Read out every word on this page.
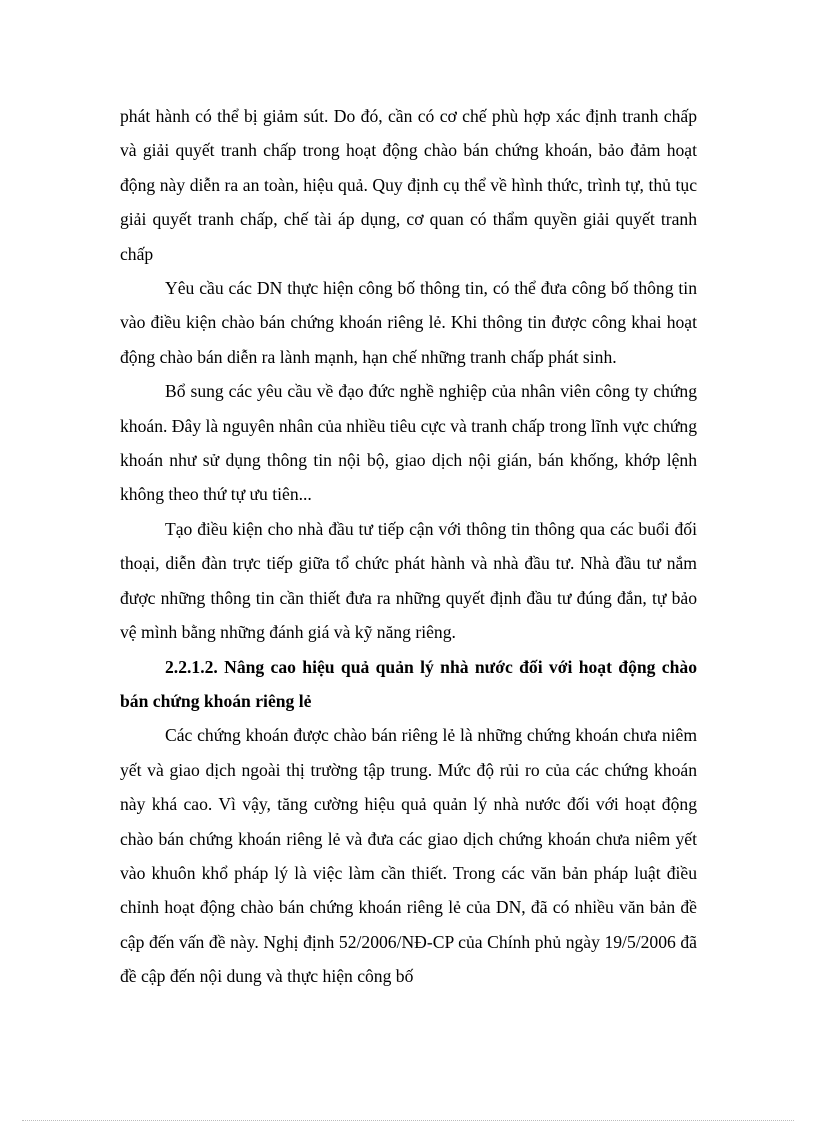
phát hành có thể bị giảm sút. Do đó, cần có cơ chế phù hợp xác định tranh chấp và giải quyết tranh chấp trong hoạt động chào bán chứng khoán, bảo đảm hoạt động này diễn ra an toàn, hiệu quả. Quy định cụ thể về hình thức, trình tự, thủ tục giải quyết tranh chấp, chế tài áp dụng, cơ quan có thẩm quyền giải quyết tranh chấp

Yêu cầu các DN thực hiện công bố thông tin, có thể đưa công bố thông tin vào điều kiện chào bán chứng khoán riêng lẻ. Khi thông tin được công khai hoạt động chào bán diễn ra lành mạnh, hạn chế những tranh chấp phát sinh.

Bổ sung các yêu cầu về đạo đức nghề nghiệp của nhân viên công ty chứng khoán. Đây là nguyên nhân của nhiều tiêu cực và tranh chấp trong lĩnh vực chứng khoán như sử dụng thông tin nội bộ, giao dịch nội gián, bán khống, khớp lệnh không theo thứ tự ưu tiên...

Tạo điều kiện cho nhà đầu tư tiếp cận với thông tin thông qua các buổi đối thoại, diễn đàn trực tiếp giữa tổ chức phát hành và nhà đầu tư. Nhà đầu tư nắm được những thông tin cần thiết đưa ra những quyết định đầu tư đúng đắn, tự bảo vệ mình bằng những đánh giá và kỹ năng riêng.

2.2.1.2. Nâng cao hiệu quả quản lý nhà nước đối với hoạt động chào bán chứng khoán riêng lẻ

Các chứng khoán được chào bán riêng lẻ là những chứng khoán chưa niêm yết và giao dịch ngoài thị trường tập trung. Mức độ rủi ro của các chứng khoán này khá cao. Vì vậy, tăng cường hiệu quả quản lý nhà nước đối với hoạt động chào bán chứng khoán riêng lẻ và đưa các giao dịch chứng khoán chưa niêm yết vào khuôn khổ pháp lý là việc làm cần thiết. Trong các văn bản pháp luật điều chỉnh hoạt động chào bán chứng khoán riêng lẻ của DN, đã có nhiều văn bản đề cập đến vấn đề này. Nghị định 52/2006/NĐ-CP của Chính phủ ngày 19/5/2006 đã đề cập đến nội dung và thực hiện công bố
